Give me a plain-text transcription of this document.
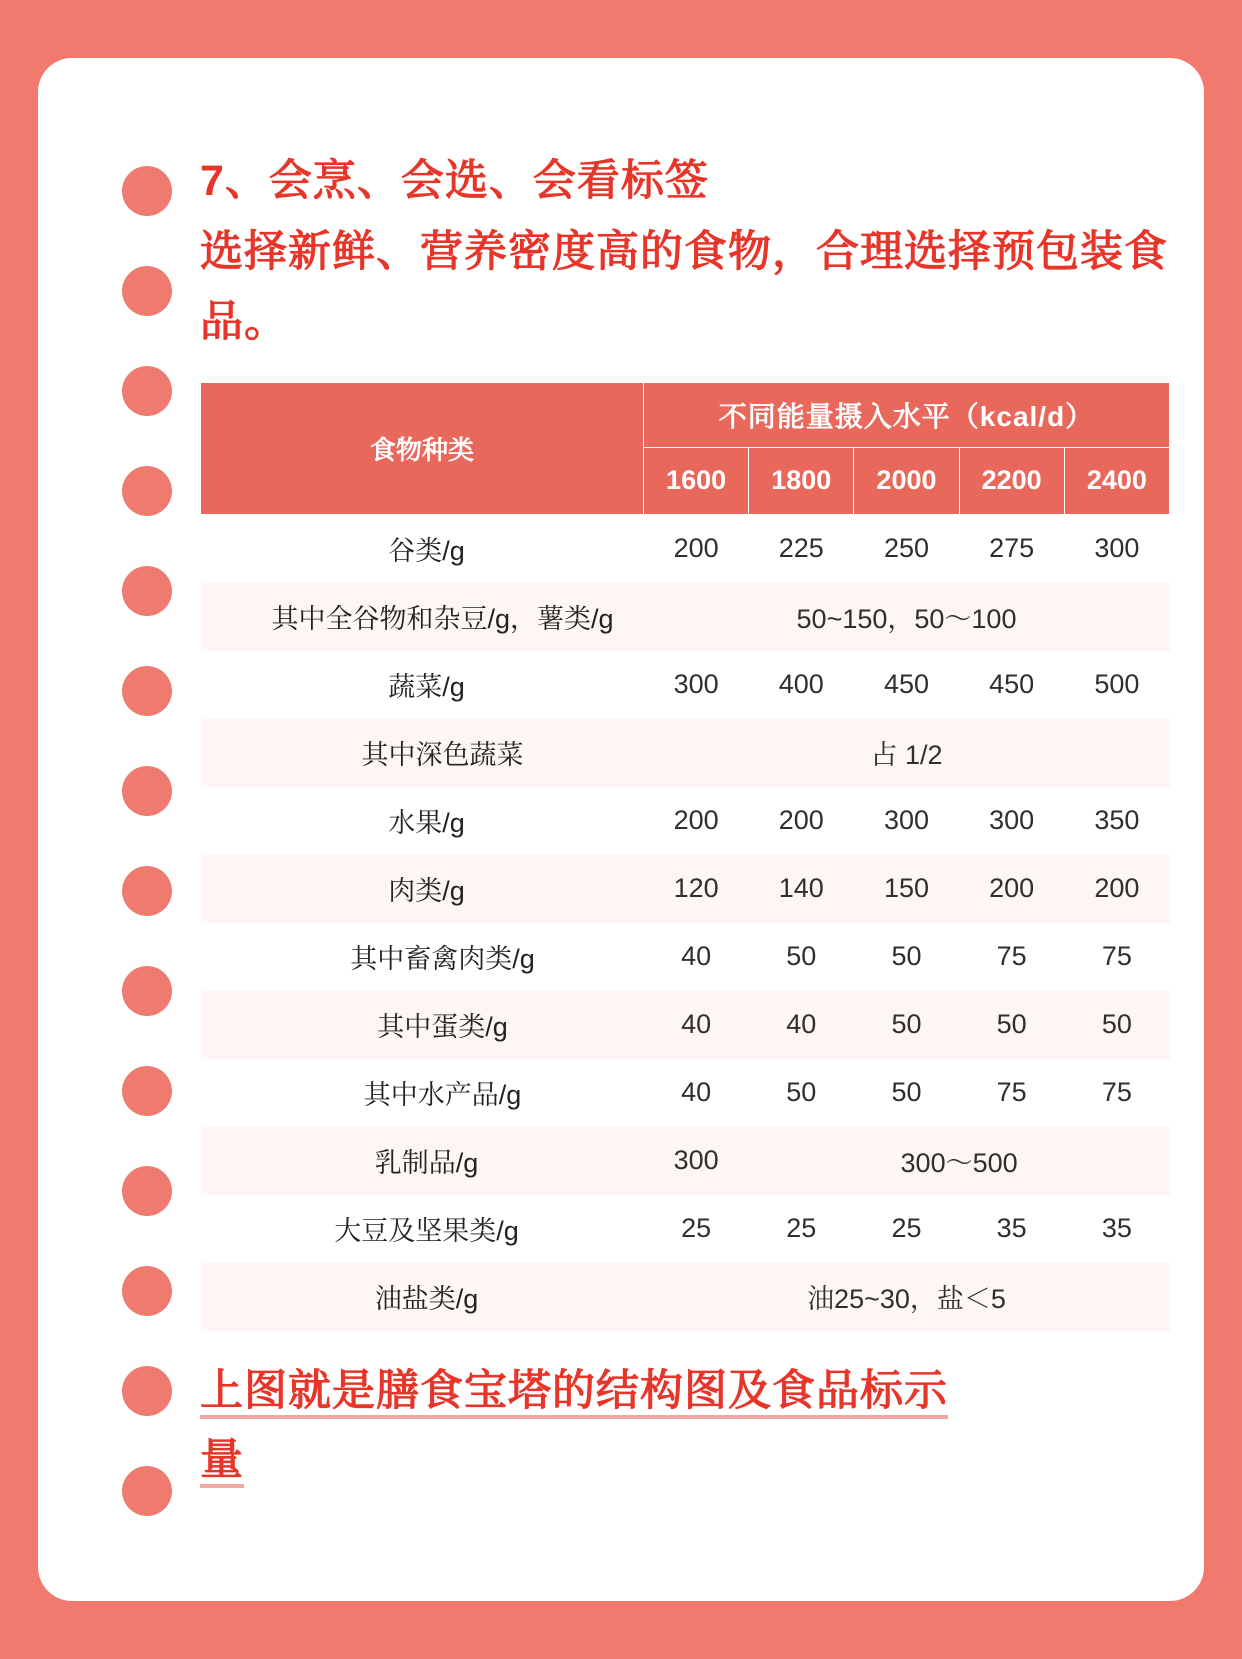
7、会烹、会选、会看标签
选择新鲜、营养密度高的食物，合理选择预包装食品。
食物种类	不同能量摄入水平（kcal/d）				
	1600	1800	2000	2200	2400
谷类/g	200	225	250	275	300
其中全谷物和杂豆/g，薯类/g	50~150，50～100				
蔬菜/g	300	400	450	450	500
其中深色蔬菜	占 1/2				
水果/g	200	200	300	300	350
肉类/g	120	140	150	200	200
其中畜禽肉类/g	40	50	50	75	75
其中蛋类/g	40	40	50	50	50
其中水产品/g	40	50	50	75	75
乳制品/g	300	300～500			
大豆及坚果类/g	25	25	25	35	35
油盐类/g	油25~30，盐＜5				
上图就是膳食宝塔的结构图及食品标示
量
